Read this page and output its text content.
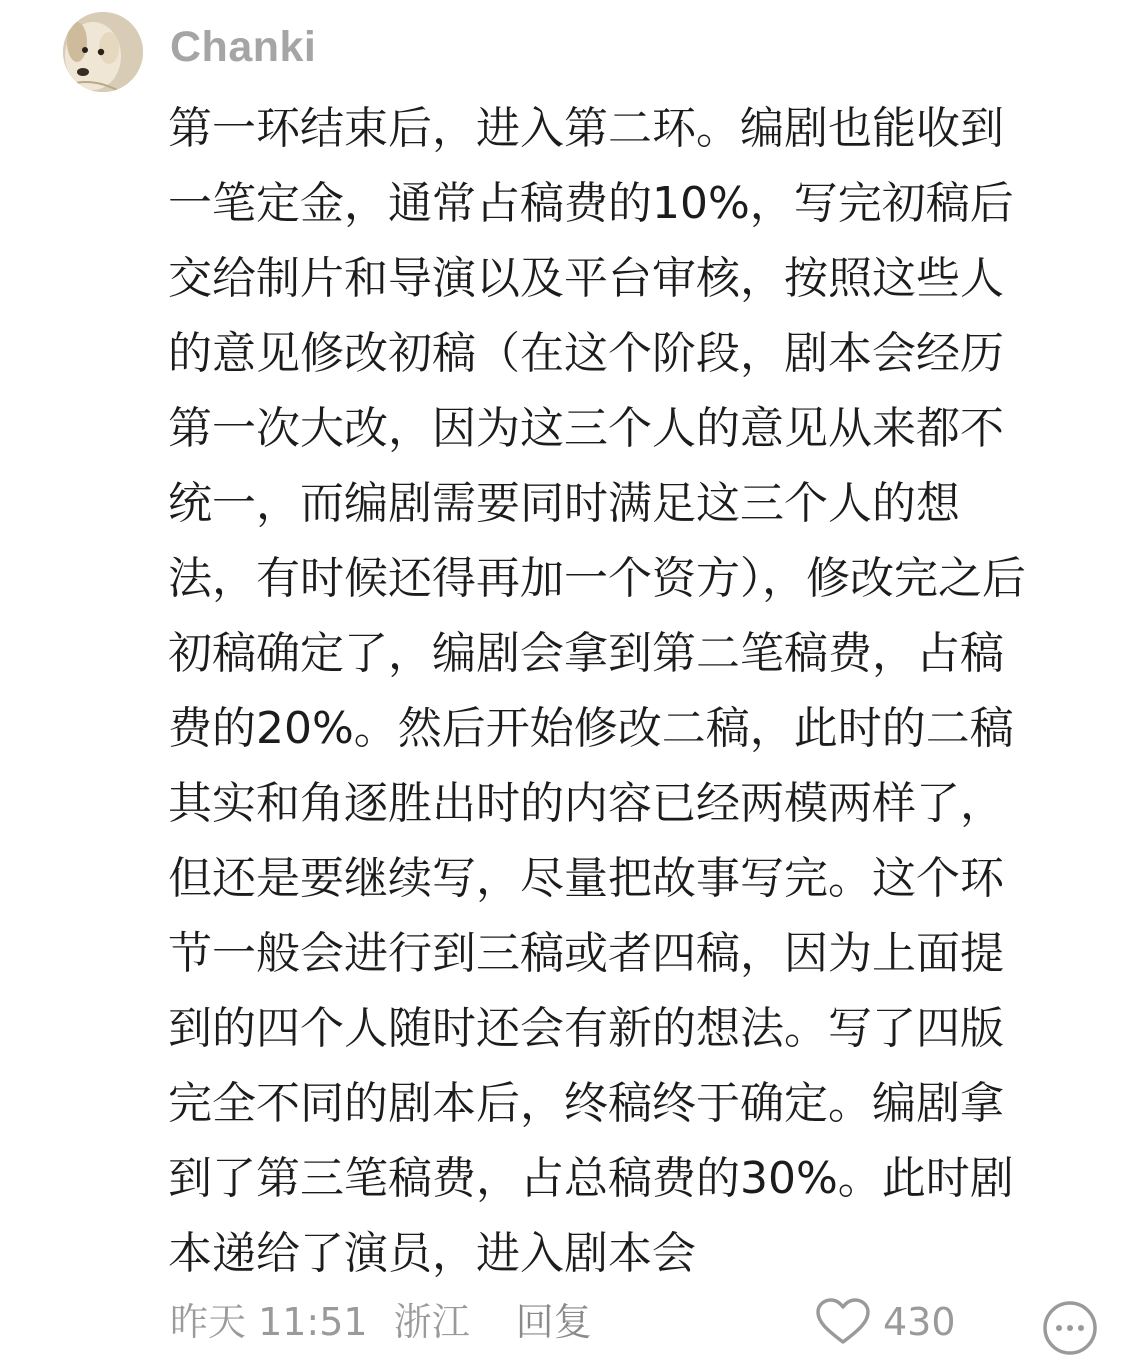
Chanki
第一环结束后，进入第二环。编剧也能收到
一笔定金，通常占稿费的10%，写完初稿后
交给制片和导演以及平台审核，按照这些人
的意见修改初稿（在这个阶段，剧本会经历
第一次大改，因为这三个人的意见从来都不
统一，而编剧需要同时满足这三个人的想
法，有时候还得再加一个资方），修改完之后
初稿确定了，编剧会拿到第二笔稿费，占稿
费的20%。然后开始修改二稿，此时的二稿
其实和角逐胜出时的内容已经两模两样了，
但还是要继续写，尽量把故事写完。这个环
节一般会进行到三稿或者四稿，因为上面提
到的四个人随时还会有新的想法。写了四版
完全不同的剧本后，终稿终于确定。编剧拿
到了第三笔稿费，占总稿费的30%。此时剧
本递给了演员，进入剧本会
昨天 11:51 浙江 回复	430
